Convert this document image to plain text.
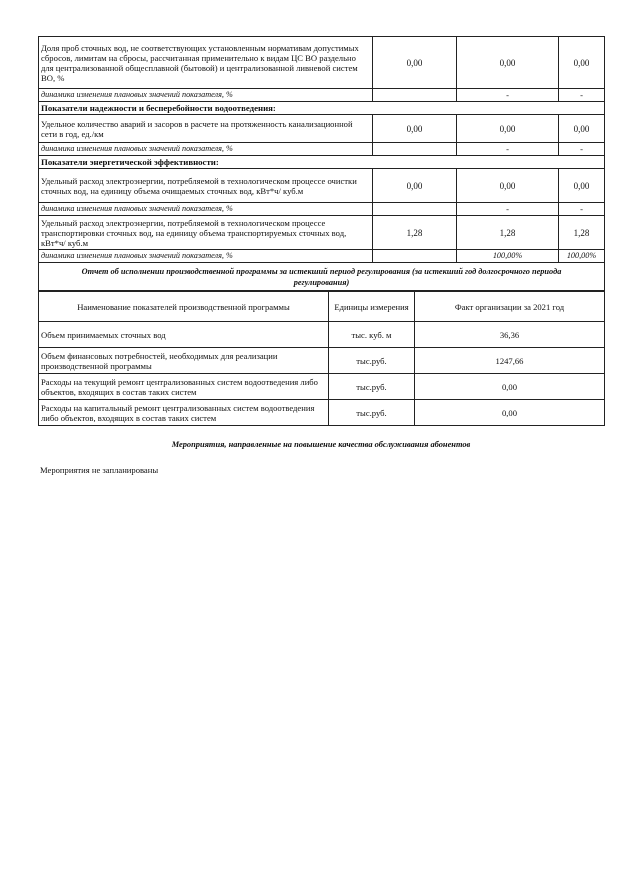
Доля проб сточных вод, не соответствующих установленным нормативам допустимых сбросов, лимитам на сбросы, рассчитанная применительно к видам ЦС ВО раздельно для централизованной общесплавной (бытовой) и централизованной ливневой систем ВО, %	0,00	0,00	0,00
динамика изменения плановых значений показателя, %		-	-
Показатели надежности и бесперебойности водоотведения:			
Удельное количество аварий и засоров в расчете на протяженность канализационной сети в год, ед./км	0,00	0,00	0,00
динамика изменения плановых значений показателя, %		-	-
Показатели энергетической эффективности:			
Удельный расход электроэнергии, потребляемой в технологическом процессе очистки сточных вод, на единицу объема очищаемых сточных вод, кВт*ч/ куб.м	0,00	0,00	0,00
динамика изменения плановых значений показателя, %		-	-
Удельный расход электроэнергии, потребляемой в технологическом процессе транспортировки сточных вод, на единицу объема транспортируемых сточных вод, кВт*ч/ куб.м	1,28	1,28	1,28
динамика изменения плановых значений показателя, %		100,00%	100,00%
Отчет об исполнении производственной программы за истекший период регулирования (за истекший год долгосрочного периода регулирования)			
Наименование показателей производственной программы	Единицы измерения	Факт организации за 2021 год
Объем принимаемых сточных вод	тыс. куб. м	36,36
Объем финансовых потребностей, необходимых для реализации производственной программы	тыс.руб.	1247,66
Расходы на текущий ремонт централизованных систем водоотведения либо объектов, входящих в состав таких систем	тыс.руб.	0,00
Расходы на капитальный ремонт централизованных систем водоотведения либо объектов, входящих в состав таких систем	тыс.руб.	0,00
Мероприятия, направленные на повышение качества обслуживания абонентов
Мероприятия не запланированы
